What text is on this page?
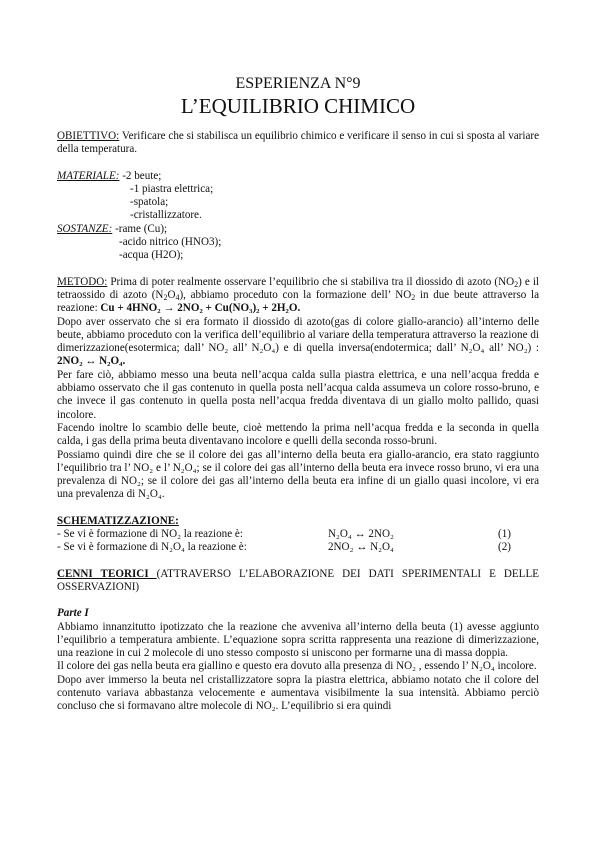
ESPERIENZA N°9
L’EQUILIBRIO CHIMICO

OBIETTIVO: Verificare che si stabilisca un equilibrio chimico e verificare il senso in cui si sposta al variare della temperatura.

MATERIALE: -2 beute;
-1 piastra elettrica;
-spatola;
-cristallizzatore.
SOSTANZE: -rame (Cu);
-acido nitrico (HNO3);
-acqua (H2O);

METODO: Prima di poter realmente osservare l’equilibrio che si stabiliva tra il diossido di azoto $(NO_2)$ e il tetraossido di azoto $(N_2O_4)$, abbiamo proceduto con la formazione dell’ $NO_2$ in due beute attraverso la reazione: Cu + 4HNO₂ → 2NO₂ + Cu(NO₃)₂ + 2H₂O.

Dopo aver osservato che si era formato il diossido di azoto(gas di colore giallo-arancio) all’interno delle beute, abbiamo proceduto con la verifica dell’equilibrio al variare della temperatura attraverso la reazione di dimerizzazione(esotermica; dall’ NO₂ all’ N₂O₄) e di quella inversa(endotermica; dall’ N₂O₄ all’ NO₂) : 2NO₂ ↔ N₂O₄.

Per fare ciò, abbiamo messo una beuta nell’acqua calda sulla piastra elettrica, e una nell’acqua fredda e abbiamo osservato che il gas contenuto in quella posta nell’acqua calda assumeva un colore rosso-bruno, e che invece il gas contenuto in quella posta nell’acqua fredda diventava di un giallo molto pallido, quasi incolore.

Facendo inoltre lo scambio delle beute, cioè mettendo la prima nell’acqua fredda e la seconda in quella calda, i gas della prima beuta diventavano incolore e quelli della seconda rosso-bruni.

Possiamo quindi dire che se il colore dei gas all’interno della beuta era giallo-arancio, era stato raggiunto l’equilibrio tra l’ NO₂ e l’ N₂O₄; se il colore dei gas all’interno della beuta era invece rosso bruno, vi era una prevalenza di NO₂; se il colore dei gas all’interno della beuta era infine di un giallo quasi incolore, vi era una prevalenza di N₂O₄.

SCHEMATIZZAZIONE:
- Se vi è formazione di NO₂ la reazione è:	N₂O₄ ↔ 2NO₂	(1)
- Se vi è formazione di N₂O₄ la reazione è:	2NO₂ ↔ N₂O₄	(2)

CENNI TEORICI (ATTRAVERSO L’ELABORAZIONE DEI DATI SPERIMENTALI E DELLE OSSERVAZIONI)

Parte I

Abbiamo innanzitutto ipotizzato che la reazione che avveniva all’interno della beuta (1) avesse aggiunto l’equilibrio a temperatura ambiente. L’equazione sopra scritta rappresenta una reazione di dimerizzazione, una reazione in cui 2 molecole di uno stesso composto si uniscono per formarne una di massa doppia.

Il colore dei gas nella beuta era giallino e questo era dovuto alla presenza di NO₂ , essendo l’ N₂O₄ incolore.

Dopo aver immerso la beuta nel cristallizzatore sopra la piastra elettrica, abbiamo notato che il colore del contenuto variava abbastanza velocemente e aumentava visibilmente la sua intensità. Abbiamo perciò concluso che si formavano altre molecole di NO₂. L’equilibrio si era quindi
